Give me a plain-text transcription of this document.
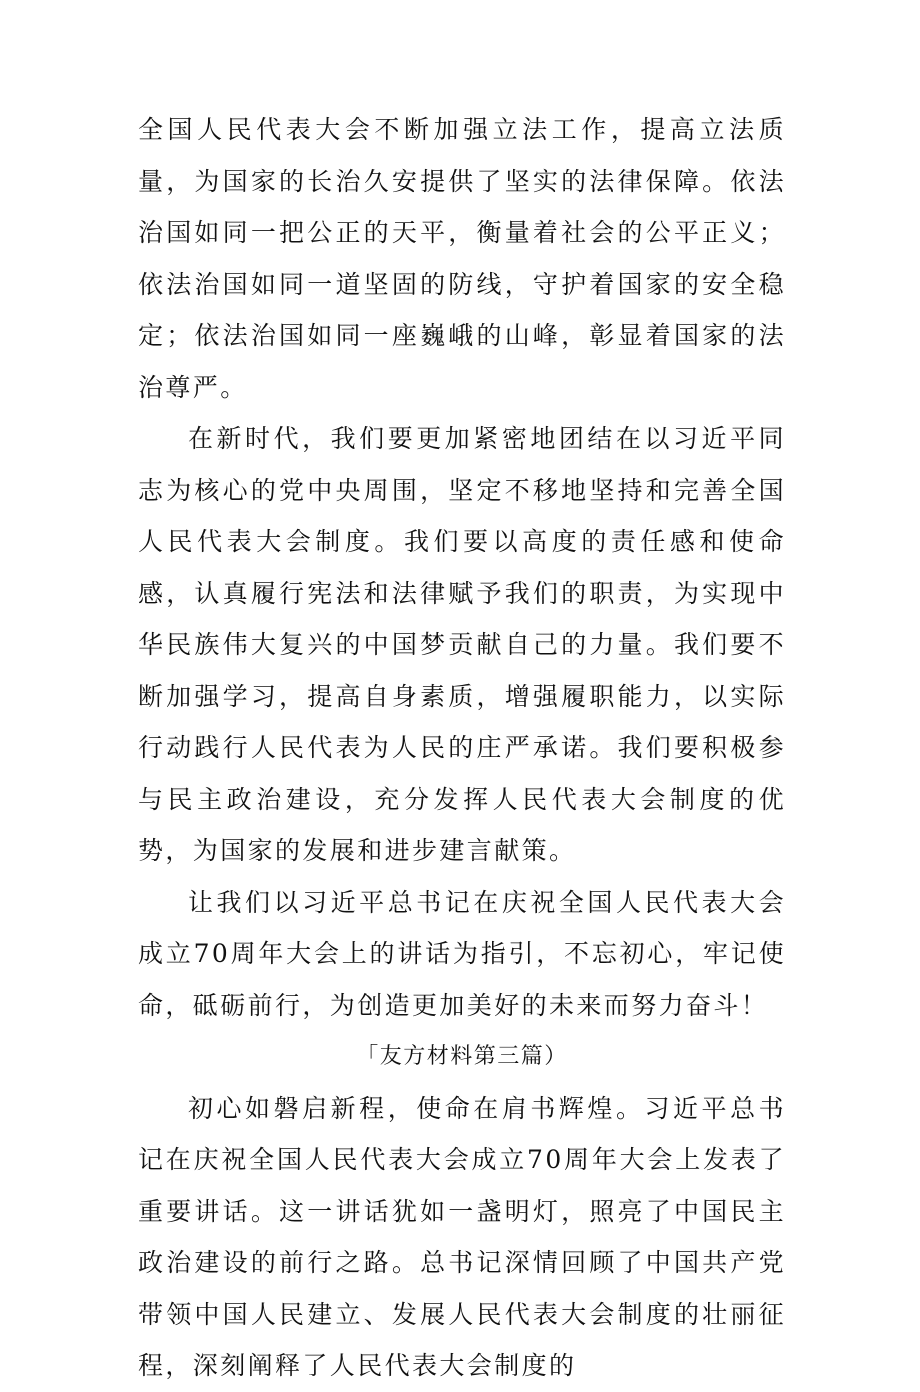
全国人民代表大会不断加强立法工作，提高立法质量，为国家的长治久安提供了坚实的法律保障。依法治国如同一把公正的天平，衡量着社会的公平正义；依法治国如同一道坚固的防线，守护着国家的安全稳定；依法治国如同一座巍峨的山峰，彰显着国家的法治尊严。

在新时代，我们要更加紧密地团结在以习近平同志为核心的党中央周围，坚定不移地坚持和完善全国人民代表大会制度。我们要以高度的责任感和使命感，认真履行宪法和法律赋予我们的职责，为实现中华民族伟大复兴的中国梦贡献自己的力量。我们要不断加强学习，提高自身素质，增强履职能力，以实际行动践行人民代表为人民的庄严承诺。我们要积极参与民主政治建设，充分发挥人民代表大会制度的优势，为国家的发展和进步建言献策。

让我们以习近平总书记在庆祝全国人民代表大会成立70周年大会上的讲话为指引，不忘初心，牢记使命，砥砺前行，为创造更加美好的未来而努力奋斗！

「友方材料第三篇）

初心如磐启新程，使命在肩书辉煌。习近平总书记在庆祝全国人民代表大会成立70周年大会上发表了重要讲话。这一讲话犹如一盏明灯，照亮了中国民主政治建设的前行之路。总书记深情回顾了中国共产党带领中国人民建立、发展人民代表大会制度的壮丽征程，深刻阐释了人民代表大会制度的
